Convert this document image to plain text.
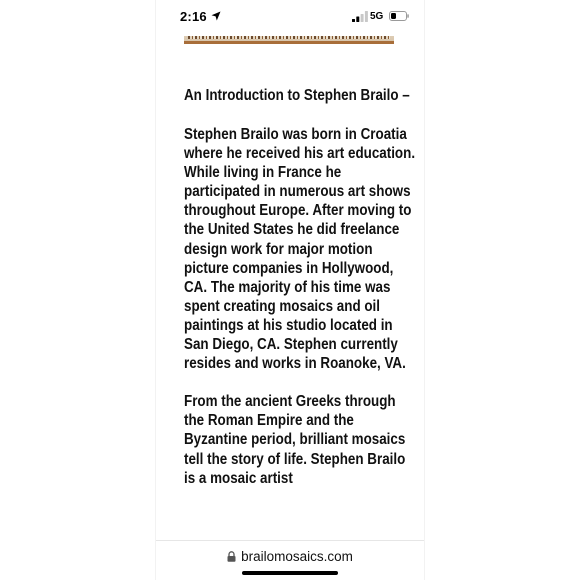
2:16	5G
An Introduction to Stephen Brailo –
Stephen Brailo was born in Croatia where he received his art education. While living in France he participated in numerous art shows throughout Europe. After moving to the United States he did freelance design work for major motion picture companies in Hollywood, CA. The majority of his time was spent creating mosaics and oil paintings at his studio located in San Diego, CA. Stephen currently resides and works in Roanoke, VA.
From the ancient Greeks through the Roman Empire and the Byzantine period, brilliant mosaics tell the story of life. Stephen Brailo is a mosaic artist
brailomosaics.com
